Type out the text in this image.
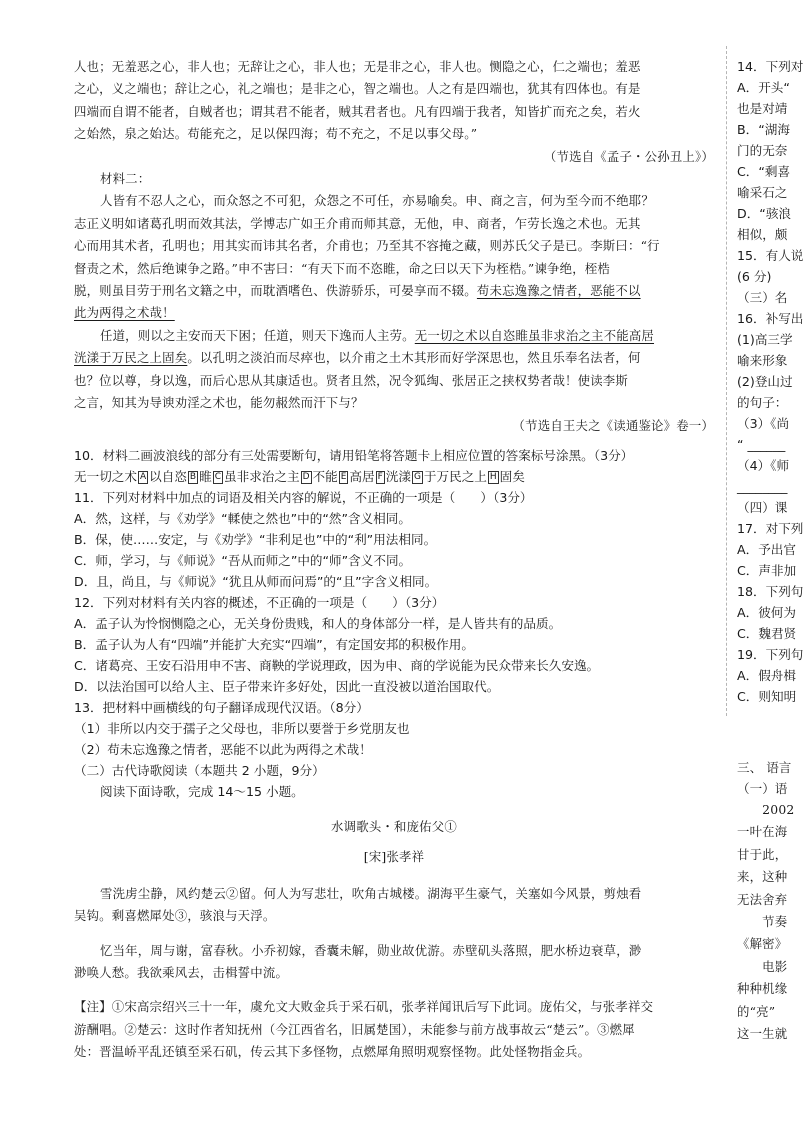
人也；无羞恶之心，非人也；无辞让之心，非人也；无是非之心，非人也。恻隐之心，仁之端也；羞恶

之心，义之端也；辞让之心，礼之端也；是非之心，智之端也。人之有是四端也，犹其有四体也。有是

四端而自谓不能者，自贼者也；谓其君不能者，贼其君者也。凡有四端于我者，知皆扩而充之矣，若火

之始然，泉之始达。苟能充之，足以保四海；苟不充之，不足以事父母。”

（节选自《孟子・公孙丑上》）

材料二：

人皆有不忍人之心，而众怒之不可犯，众怨之不可任，亦易喻矣。申、商之言，何为至今而不绝耶？

志正义明如诸葛孔明而效其法，学博志广如王介甫而师其意，无他，申、商者，乍劳长逸之术也。无其

心而用其术者，孔明也；用其实而讳其名者，介甫也；乃至其不容掩之藏，则苏氏父子是已。李斯曰：“行

督责之术，然后绝谏争之路。”申不害曰：“有天下而不恣睢，命之曰以天下为桎梏。”谏争绝，桎梏

脱，则虽目劳于刑名文籍之中，而耽酒嗜色、佚游骄乐，可晏享而不辍。苟未忘逸豫之情者，恶能不以

此为两得之术哉！

任道，则以之主安而天下困；任道，则天下逸而人主劳。无一切之术以自恣睢虽非求治之主不能高居

洸漾于万民之上固矣。以孔明之淡泊而尽瘁也，以介甫之土木其形而好学深思也，然且乐奉名法者，何

也？位以尊，身以逸，而后心思从其康适也。贤者且然，况令狐绹、张居正之挟权势者哉！使读李斯

之言，知其为导谀劝淫之术也，能勿赧然而汗下与？

（节选自王夫之《读通鉴论》卷一）

10．材料二画波浪线的部分有三处需要断句，请用铅笔将答题卡上相应位置的答案标号涂黑。（3分）

无一切之术 A 以自恣 B 睢 C 虽非求治之主 D 不能 E 高居 F 洸漾 G 于万民之上 H 固矣

11．下列对材料中加点的词语及相关内容的解说，不正确的一项是（　　）（3分）

A．然，这样，与《劝学》“輮使之然也”中的“然”含义相同。

B．保，使……安定，与《劝学》“非利足也”中的“利”用法相同。

C．师，学习，与《师说》“吾从而师之”中的“师”含义不同。

D．且，尚且，与《师说》“犹且从师而问焉”的“且”字含义相同。

12．下列对材料有关内容的概述，不正确的一项是（　　）（3分）

A．孟子认为怜悯恻隐之心，无关身份贵贱，和人的身体部分一样，是人皆共有的品质。

B．孟子认为人有“四端”并能扩大充实“四端”，有定国安邦的积极作用。

C．诸葛亮、王安石沿用申不害、商鞅的学说理政，因为申、商的学说能为民众带来长久安逸。

D．以法治国可以给人主、臣子带来许多好处，因此一直没被以道治国取代。

13．把材料中画横线的句子翻译成现代汉语。（8分）

（1）非所以内交于孺子之父母也，非所以要誉于乡党朋友也

（2）苟未忘逸豫之情者，恶能不以此为两得之术哉！

（二）古代诗歌阅读（本题共 2 小题，9分）

阅读下面诗歌，完成 14～15 小题。

水调歌头・和庞佑父①

[宋]张孝祥

雪洗虏尘静，风约楚云②留。何人为写悲壮，吹角古城楼。湖海平生豪气，关塞如今风景，剪烛看

吴钩。剩喜燃犀处③，骇浪与天浮。

忆当年，周与谢，富春秋。小乔初嫁，香囊未解，勋业故优游。赤壁矶头落照，肥水桥边衰草，渺

渺唤人愁。我欲乘风去，击楫誓中流。

【注】①宋高宗绍兴三十一年，虞允文大败金兵于采石矶，张孝祥闻讯后写下此词。庞佑父，与张孝祥交

游酬唱。②楚云：这时作者知抚州（今江西省名，旧属楚国），未能参与前方战事故云“楚云”。③燃犀

处：晋温峤平乱还镇至采石矶，传云其下多怪物，点燃犀角照明观察怪物。此处怪物指金兵。

14．下列对

A．开头“

也是对靖

B．“湖海

门的无奈

C．“剩喜

喻采石之

D．“骇浪

相似，颇

15．有人说

(6 分)

（三）名

16．补写出

(1)高三学

喻来形象

(2)登山过

的句子：

（3）《尚

“ ______

（4）《师

________

（四）课

17．对下列

A．予出官

C．声非加

18．下列句

A．彼何为

C．魏君贤

19．下列句

A．假舟楫

C．则知明

三、 语言

（一）语

　　2002

一叶在海

甘于此，

来，这种

无法舍弃

　　节奏

《解密》

　　电影

种种机缘

的“亮”

这一生就
